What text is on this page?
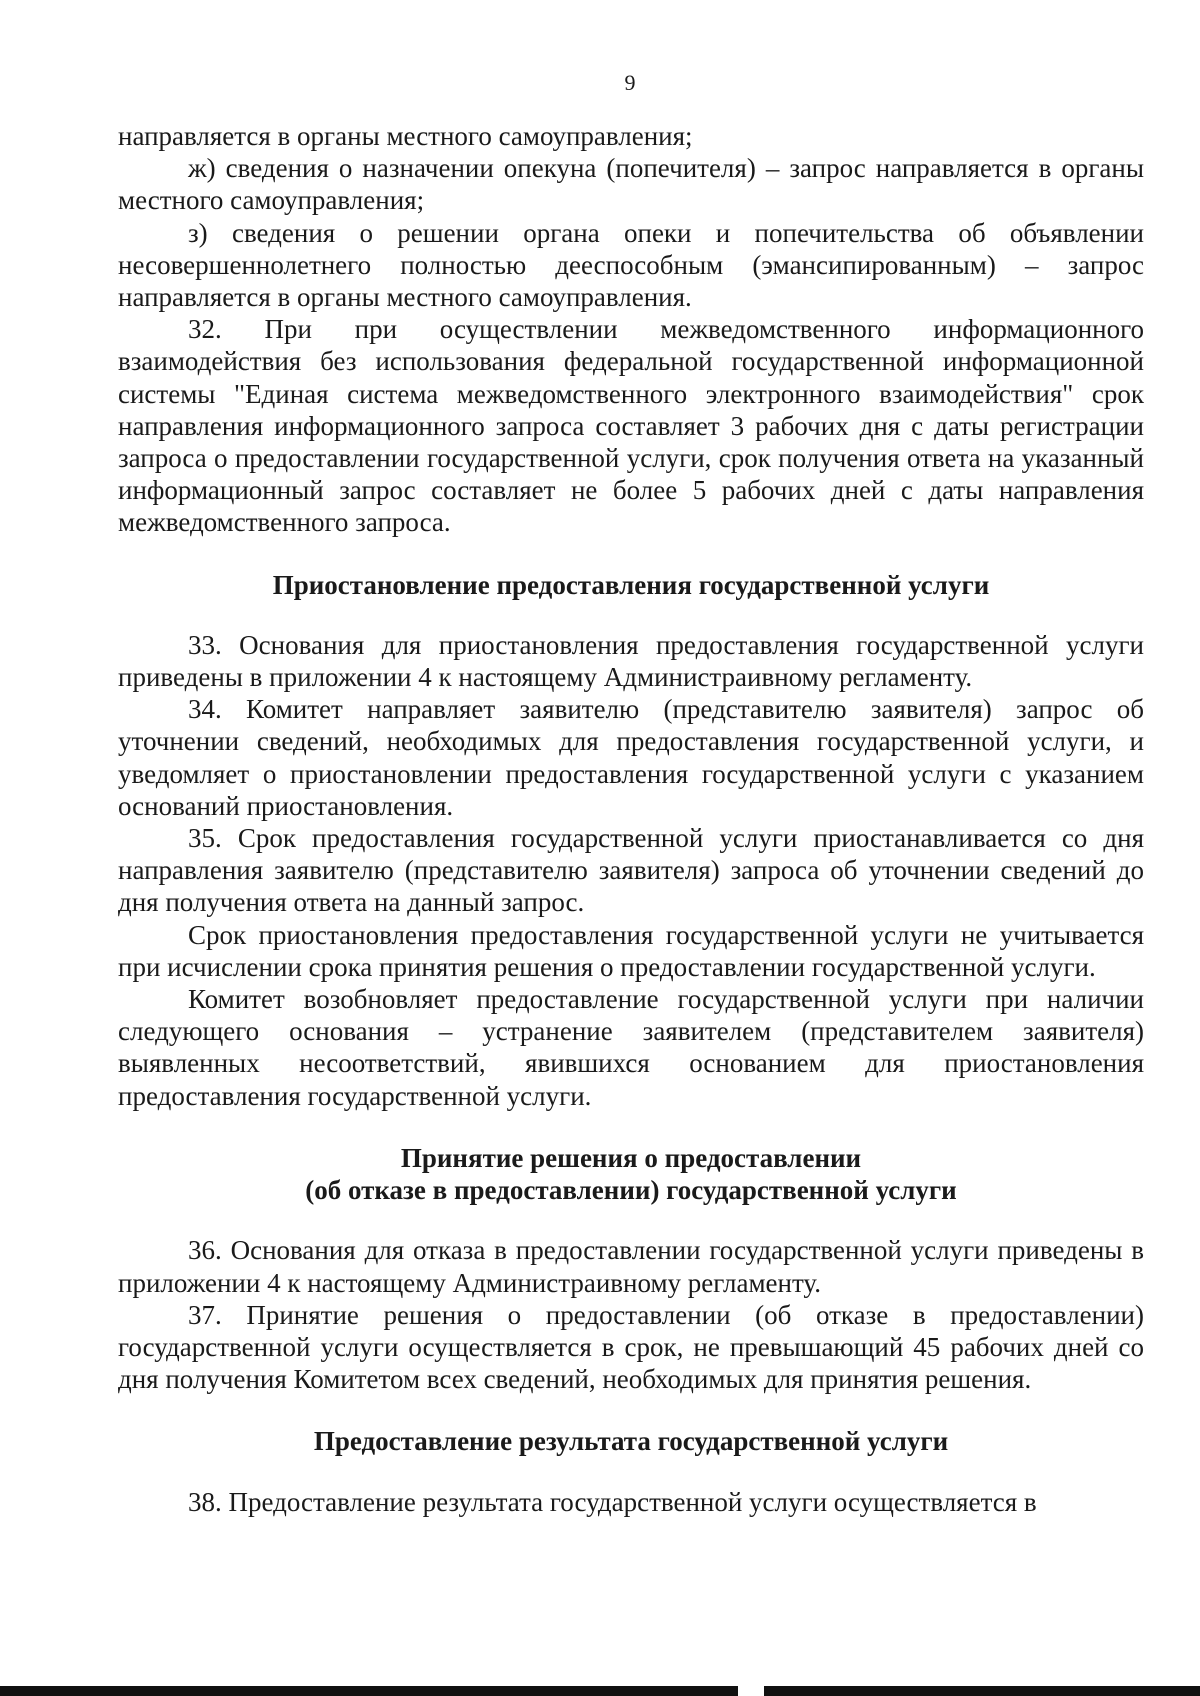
9

направляется в органы местного самоуправления;

ж) сведения о назначении опекуна (попечителя) – запрос направляется в органы местного самоуправления;

з) сведения о решении органа опеки и попечительства об объявлении несовершеннолетнего полностью дееспособным (эмансипированным) – запрос направляется в органы местного самоуправления.

32. При при осуществлении межведомственного информационного взаимодействия без использования федеральной государственной информационной системы "Единая система межведомственного электронного взаимодействия" срок направления информационного запроса составляет 3 рабочих дня с даты регистрации запроса о предоставлении государственной услуги, срок получения ответа на указанный информационный запрос составляет не более 5 рабочих дней с даты направления межведомственного запроса.

Приостановление предоставления государственной услуги

33. Основания для приостановления предоставления государственной услуги приведены в приложении 4 к настоящему Администраивному регламенту.

34. Комитет направляет заявителю (представителю заявителя) запрос об уточнении сведений, необходимых для предоставления государственной услуги, и уведомляет о приостановлении предоставления государственной услуги с указанием оснований приостановления.

35. Срок предоставления государственной услуги приостанавливается со дня направления заявителю (представителю заявителя) запроса об уточнении сведений до дня получения ответа на данный запрос.

Срок приостановления предоставления государственной услуги не учитывается при исчислении срока принятия решения о предоставлении государственной услуги.

Комитет возобновляет предоставление государственной услуги при наличии следующего основания – устранение заявителем (представителем заявителя) выявленных несоответствий, явившихся основанием для приостановления предоставления государственной услуги.

Принятие решения о предоставлении

(об отказе в предоставлении) государственной услуги

36. Основания для отказа в предоставлении государственной услуги приведены в приложении 4 к настоящему Администраивному регламенту.

37. Принятие решения о предоставлении (об отказе в предоставлении) государственной услуги осуществляется в срок, не превышающий 45 рабочих дней со дня получения Комитетом всех сведений, необходимых для принятия решения.

Предоставление результата государственной услуги

38. Предоставление результата государственной услуги осуществляется в
